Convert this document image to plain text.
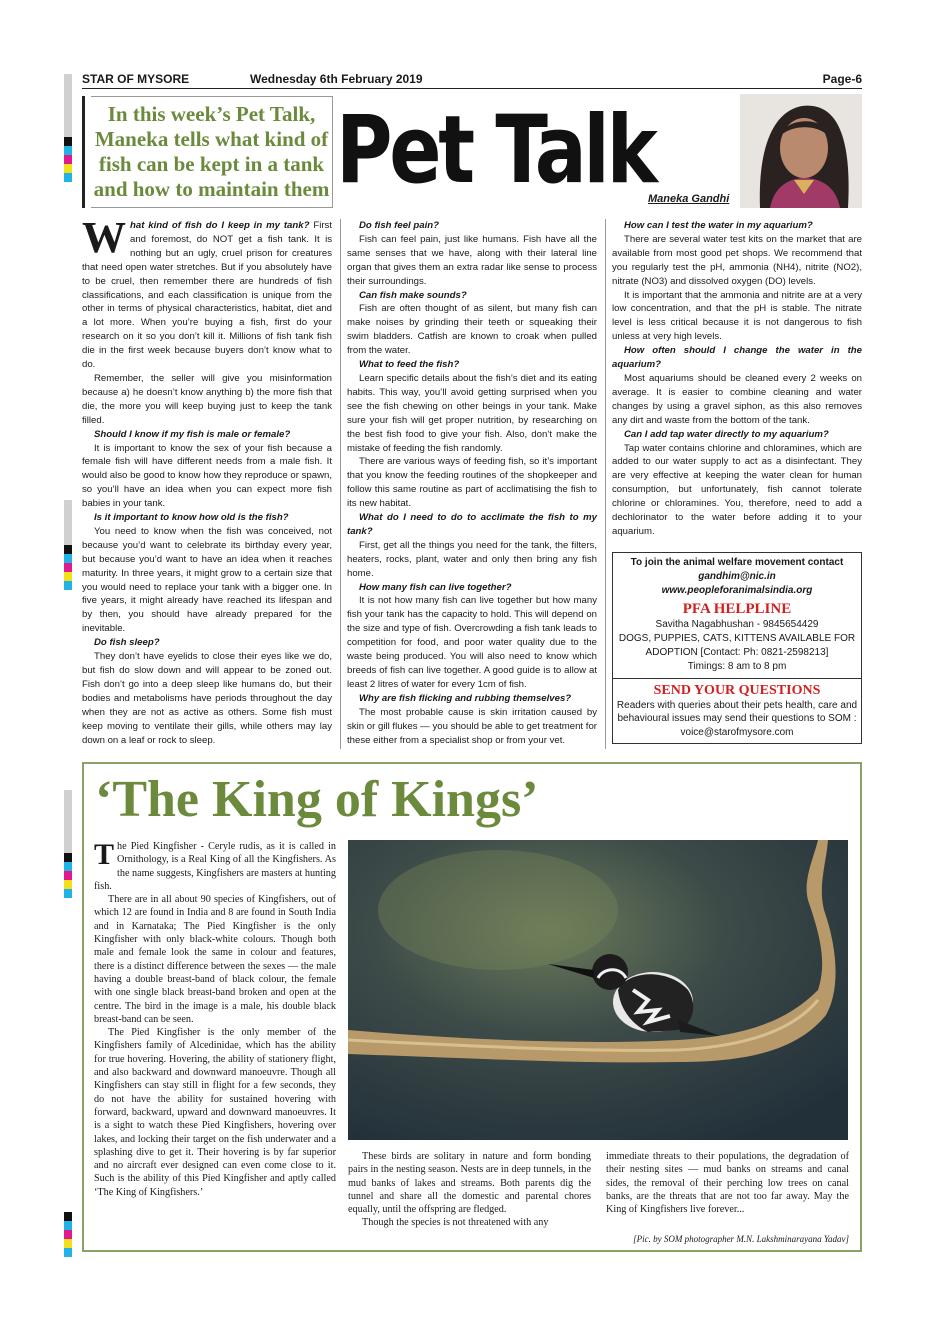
STAR OF MYSORE	Wednesday 6th February 2019	Page-6
In this week’s Pet Talk, Maneka tells what kind of fish can be kept in a tank and how to maintain them Pet Talk
Maneka Gandhi

What kind of fish do I keep in my tank? First and foremost, do NOT get a fish tank. It is nothing but an ugly, cruel prison for creatures that need open water stretches. But if you absolutely have to be cruel, then remember there are hundreds of fish classifications, and each classification is unique from the other in terms of physical characteristics, habitat, diet and a lot more. When you’re buying a fish, first do your research on it so you don’t kill it. Millions of fish tank fish die in the first week because buyers don’t know what to do.

Remember, the seller will give you misinformation because a) he doesn’t know anything b) the more fish that die, the more you will keep buying just to keep the tank filled.

Should I know if my fish is male or female?

It is important to know the sex of your fish because a female fish will have different needs from a male fish. It would also be good to know how they reproduce or spawn, so you’ll have an idea when you can expect more fish babies in your tank.

Is it important to know how old is the fish?

You need to know when the fish was conceived, not because you’d want to celebrate its birthday every year, but because you’d want to have an idea when it reaches maturity. In three years, it might grow to a certain size that you would need to replace your tank with a bigger one. In five years, it might already have reached its lifespan and by then, you should have already prepared for the inevitable.

Do fish sleep?

They don’t have eyelids to close their eyes like we do, but fish do slow down and will appear to be zoned out. Fish don’t go into a deep sleep like humans do, but their bodies and metabolisms have periods throughout the day when they are not as active as others. Some fish must keep moving to ventilate their gills, while others may lay down on a leaf or rock to sleep.

Do fish feel pain?

Fish can feel pain, just like humans. Fish have all the same senses that we have, along with their lateral line organ that gives them an extra radar like sense to process their surroundings.

Can fish make sounds?

Fish are often thought of as silent, but many fish can make noises by grinding their teeth or squeaking their swim bladders. Catfish are known to croak when pulled from the water.

What to feed the fish?

Learn specific details about the fish’s diet and its eating habits. This way, you’ll avoid getting surprised when you see the fish chewing on other beings in your tank. Make sure your fish will get proper nutrition, by researching on the best fish food to give your fish. Also, don’t make the mistake of feeding the fish randomly.

There are various ways of feeding fish, so it’s important that you know the feeding routines of the shopkeeper and follow this same routine as part of acclimatising the fish to its new habitat.

What do I need to do to acclimate the fish to my tank?

First, get all the things you need for the tank, the filters, heaters, rocks, plant, water and only then bring any fish home.

How many fish can live together?

It is not how many fish can live together but how many fish your tank has the capacity to hold. This will depend on the size and type of fish. Overcrowding a fish tank leads to competition for food, and poor water quality due to the waste being produced. You will also need to know which breeds of fish can live together. A good guide is to allow at least 2 litres of water for every 1cm of fish.

Why are fish flicking and rubbing themselves?

The most probable cause is skin irritation caused by skin or gill flukes — you should be able to get treatment for these either from a specialist shop or from your vet.

How can I test the water in my aquarium?

There are several water test kits on the market that are available from most good pet shops. We recommend that you regularly test the pH, ammonia (NH4), nitrite (NO2), nitrate (NO3) and dissolved oxygen (DO) levels.

It is important that the ammonia and nitrite are at a very low concentration, and that the pH is stable. The nitrate level is less critical because it is not dangerous to fish unless at very high levels.

How often should I change the water in the aquarium?

Most aquariums should be cleaned every 2 weeks on average. It is easier to combine cleaning and water changes by using a gravel siphon, as this also removes any dirt and waste from the bottom of the tank.

Can I add tap water directly to my aquarium?

Tap water contains chlorine and chloramines, which are added to our water supply to act as a disinfectant. They are very effective at keeping the water clean for human consumption, but unfortunately, fish cannot tolerate chlorine or chloramines. You, therefore, need to add a dechlorinator to the water before adding it to your aquarium.

To join the animal welfare movement contact
gandhim@nic.in
www.peopleforanimalsindia.org
PFA HELPLINE
Savitha Nagabhushan - 9845654429
DOGS, PUPPIES, CATS, KITTENS AVAILABLE FOR ADOPTION [Contact: Ph: 0821-2598213]
Timings: 8 am to 8 pm
SEND YOUR QUESTIONS
Readers with queries about their pets health, care and behavioural issues may send their questions to SOM : voice@starofmysore.com
‘The King of Kings’

The Pied Kingfisher - Ceryle rudis, as it is called in Ornithology, is a Real King of all the Kingfishers. As the name suggests, Kingfishers are masters at hunting fish.

There are in all about 90 species of Kingfishers, out of which 12 are found in India and 8 are found in South India and in Karnataka; The Pied Kingfisher is the only Kingfisher with only black-white colours. Though both male and female look the same in colour and features, there is a distinct difference between the sexes — the male having a double breast-band of black colour, the female with one single black breast-band broken and open at the centre. The bird in the image is a male, his double black breast-band can be seen.

The Pied Kingfisher is the only member of the Kingfishers family of Alcedinidae, which has the ability for true hovering. Hovering, the ability of stationery flight, and also backward and downward manoeuvre. Though all Kingfishers can stay still in flight for a few seconds, they do not have the ability for sustained hovering with forward, backward, upward and downward manoeuvres. It is a sight to watch these Pied Kingfishers, hovering over lakes, and locking their target on the fish underwater and a splashing dive to get it. Their hovering is by far superior and no aircraft ever designed can even come close to it. Such is the ability of this Pied Kingfisher and aptly called ‘The King of Kingfishers.’

These birds are solitary in nature and form bonding pairs in the nesting season. Nests are in deep tunnels, in the mud banks of lakes and streams. Both parents dig the tunnel and share all the domestic and parental chores equally, until the offspring are fledged.

Though the species is not threatened with any

immediate threats to their populations, the degradation of their nesting sites — mud banks on streams and canal sides, the removal of their perching low trees on canal banks, are the threats that are not too far away. May the King of Kingfishers live forever...

[Pic. by SOM photographer M.N. Lakshminarayana Yadav]
